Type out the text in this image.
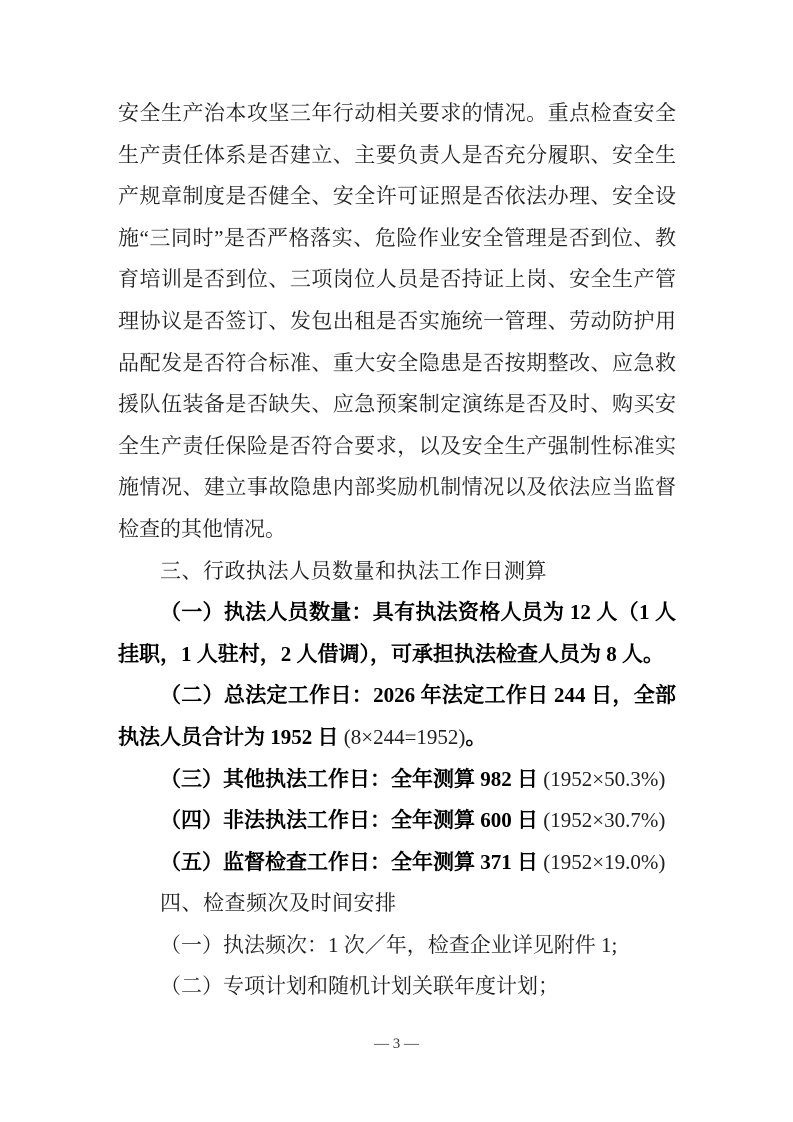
安全生产治本攻坚三年行动相关要求的情况。重点检查安全生产责任体系是否建立、主要负责人是否充分履职、安全生产规章制度是否健全、安全许可证照是否依法办理、安全设施“三同时”是否严格落实、危险作业安全管理是否到位、教育培训是否到位、三项岗位人员是否持证上岗、安全生产管理协议是否签订、发包出租是否实施统一管理、劳动防护用品配发是否符合标准、重大安全隐患是否按期整改、应急救援队伍装备是否缺失、应急预案制定演练是否及时、购买安全生产责任保险是否符合要求，以及安全生产强制性标准实施情况、建立事故隐患内部奖励机制情况以及依法应当监督检查的其他情况。

三、行政执法人员数量和执法工作日测算

（一）执法人员数量：具有执法资格人员为 12 人（1 人挂职，1 人驻村，2 人借调），可承担执法检查人员为 8 人。

（二）总法定工作日：2026 年法定工作日 244 日，全部执法人员合计为 1952 日 (8×244=1952)。

（三）其他执法工作日：全年测算 982 日 (1952×50.3%)

（四）非法执法工作日：全年测算 600 日 (1952×30.7%)

（五）监督检查工作日：全年测算 371 日 (1952×19.0%)

四、检查频次及时间安排

（一）执法频次：1 次／年，检查企业详见附件 1;

（二）专项计划和随机计划关联年度计划；

— 3 —
